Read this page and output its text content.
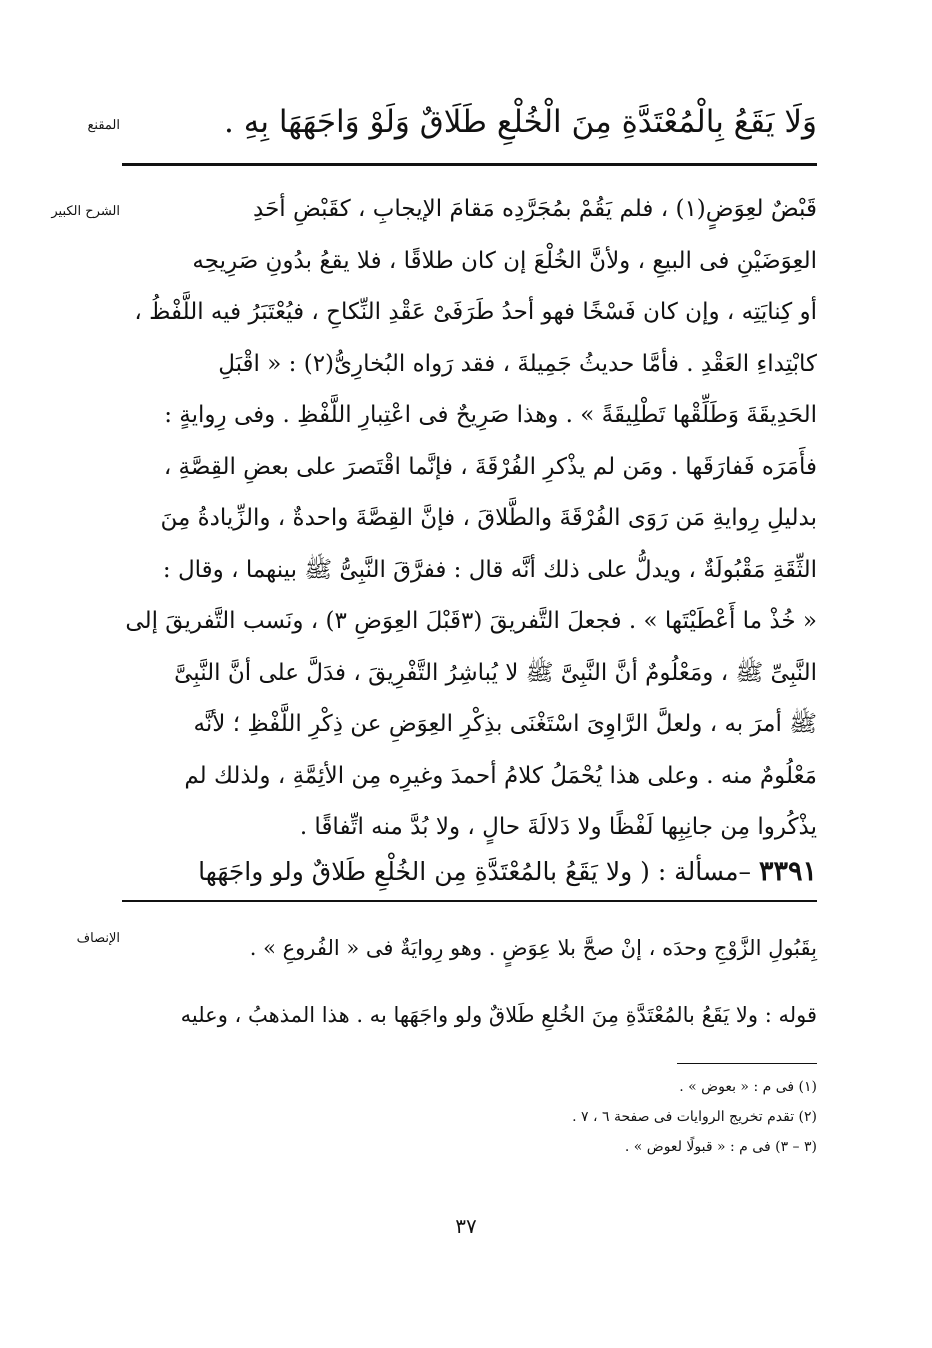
المقنع
الشرح الكبير
الإنصاف
وَلَا يَقَعُ بِالْمُعْتَدَّةِ مِنَ الْخُلْعِ طَلَاقٌ وَلَوْ وَاجَهَهَا بِهِ .
قَبْضٌ لعِوَضٍ(١) ، فلم يَقُمْ بمُجَرَّدِه مَقامَ الإيجابِ ، كقَبْضِ أحَدِ
العِوَضَيْنِ فى البيعِ ، ولأنَّ الخُلْعَ إن كان طلاقًا ، فلا يقعُ بدُونِ صَرِيحِه
أو كِنايَتِه ، وإن كان فَسْخًا فهو أحدُ طَرَفَىْ عَقْدِ النِّكاحِ ، فيُعْتَبَرُ فيه اللَّفْظُ ،
كابْتِداءِ العَقْدِ . فأمَّا حديثُ جَمِيلةَ ، فقد رَواه البُخارِىُّ(٢) : « اقْبَلِ
الحَدِيقَةَ وَطَلِّقْها تَطْلِيقَةً » . وهذا صَرِيحٌ فى اعْتِبارِ اللَّفْظِ . وفى رِوايةٍ :
فأَمَرَه فَفارَقَها . ومَن لم يذْكرِ الفُرْقَةَ ، فإنَّما اقْتَصرَ على بعضِ القِصَّةِ ،
بدليلِ رِوايةِ مَن رَوَى الفُرْقَةَ والطَّلاقَ ، فإنَّ القِصَّةَ واحدةٌ ، والزِّيادةُ مِنَ
الثِّقَةِ مَقْبُولَةٌ ، ويدلُّ على ذلك أنَّه قال : ففرَّقَ النَّبِىُّ ﷺ بينهما ، وقال :
« خُذْ ما أَعْطَيْتَها » . فجعلَ التَّفريقَ (٣قَبْلَ العِوَضِ ٣) ، ونَسب التَّفريقَ إلى
النَّبِىِّ ﷺ ، ومَعْلُومٌ أنَّ النَّبِىَّ ﷺ لا يُباشِرُ التَّفْرِيقَ ، فدَلَّ على أنَّ النَّبِىَّ
ﷺ أمرَ به ، ولعلَّ الرَّاوِىَ اسْتَغْنَى بذِكْرِ العِوَضِ عن ذِكْرِ اللَّفْظِ ؛ لأنَّه
مَعْلُومٌ منه . وعلى هذا يُحْمَلُ كلامُ أحمدَ وغيرِه مِن الأئِمَّةِ ، ولذلك لم
يذْكُروا مِن جانِبِها لَفْظًا ولا دَلالَةَ حالٍ ، ولا بُدَّ منه اتِّفاقًا .
٣٣٩١ –مسألة : ( ولا يَقَعُ بالمُعْتَدَّةِ مِن الخُلْعِ طَلاقٌ ولو واجَهَها
بِقَبُولِ الزَّوْجِ وحدَه ، إنْ صحَّ بلا عِوَضٍ . وهو رِوايَةٌ فى « الفُروعِ » .
قوله : ولا يَقَعُ بالمُعْتَدَّةِ مِنَ الخُلعِ طَلاقٌ ولو واجَهَها به . هذا المذهبُ ، وعليه
(١) فى م : « بعوض » .
(٢) تقدم تخريج الروايات فى صفحة ٦ ، ٧ .
(٣ – ٣) فى م : « قبولًا لعوض » .
٣٧
